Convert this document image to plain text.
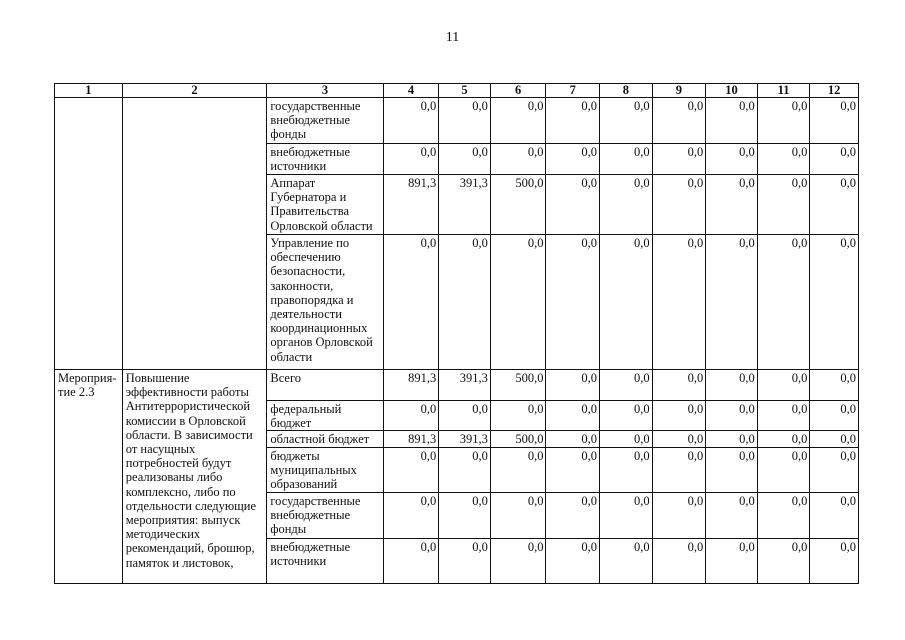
11
1	2	3	4	5	6	7	8	9	10	11	12
		государственные внебюджетные фонды	0,0	0,0	0,0	0,0	0,0	0,0	0,0	0,0	0,0
		внебюджетные источники	0,0	0,0	0,0	0,0	0,0	0,0	0,0	0,0	0,0
		Аппарат Губернатора и Правительства Орловской области	891,3	391,3	500,0	0,0	0,0	0,0	0,0	0,0	0,0
		Управление по обеспечению безопасности, законности, правопорядка и деятельности координационных органов Орловской области	0,0	0,0	0,0	0,0	0,0	0,0	0,0	0,0	0,0
Мероприя-тие 2.3	Повышение эффективности работы Антитеррористической комиссии в Орловской области. В зависимости от насущных потребностей будут реализованы либо комплексно, либо по отдельности следующие мероприятия: выпуск методических рекомендаций, брошюр, памяток и листовок,	Всего	891,3	391,3	500,0	0,0	0,0	0,0	0,0	0,0	0,0
		федеральный бюджет	0,0	0,0	0,0	0,0	0,0	0,0	0,0	0,0	0,0
		областной бюджет	891,3	391,3	500,0	0,0	0,0	0,0	0,0	0,0	0,0
		бюджеты муниципальных образований	0,0	0,0	0,0	0,0	0,0	0,0	0,0	0,0	0,0
		государственные внебюджетные фонды	0,0	0,0	0,0	0,0	0,0	0,0	0,0	0,0	0,0
		внебюджетные источники	0,0	0,0	0,0	0,0	0,0	0,0	0,0	0,0	0,0
